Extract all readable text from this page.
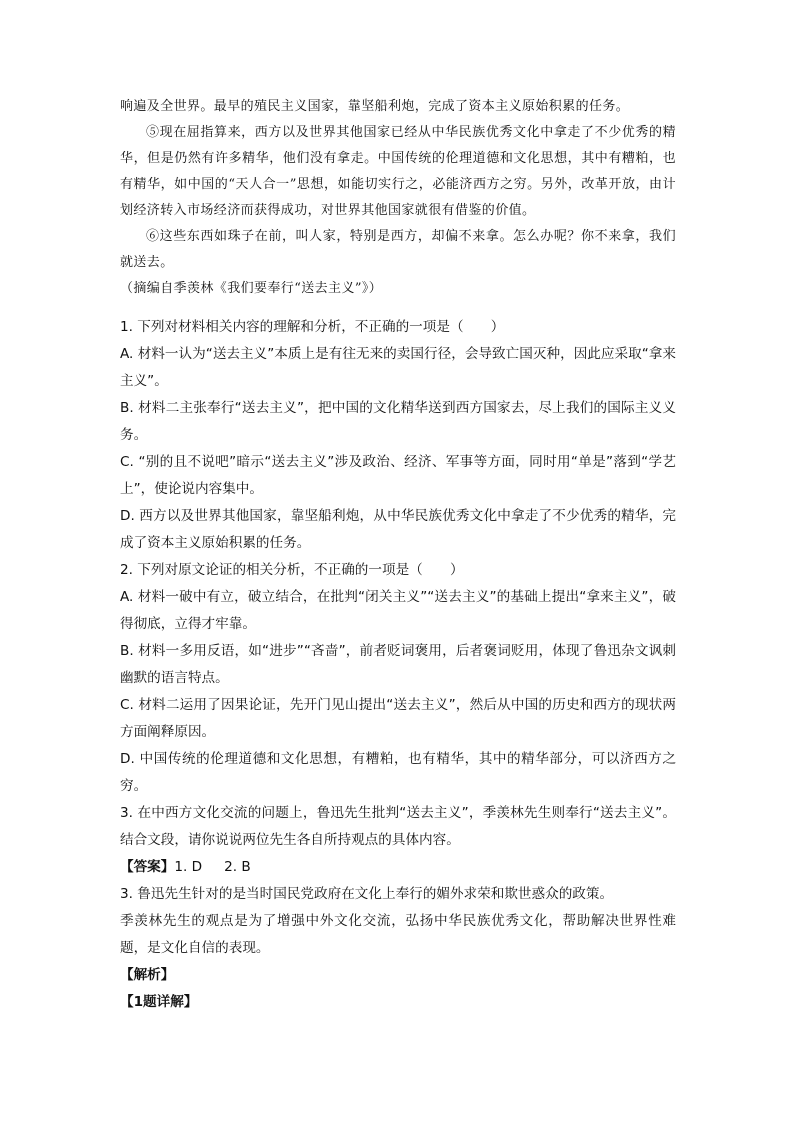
响遍及全世界。最早的殖民主义国家，靠坚船利炮，完成了资本主义原始积累的任务。

⑤现在屈指算来，西方以及世界其他国家已经从中华民族优秀文化中拿走了不少优秀的精华，但是仍然有许多精华，他们没有拿走。中国传统的伦理道德和文化思想，其中有糟粕，也有精华，如中国的“天人合一”思想，如能切实行之，必能济西方之穷。另外，改革开放，由计划经济转入市场经济而获得成功，对世界其他国家就很有借鉴的价值。

⑥这些东西如珠子在前，叫人家，特别是西方，却偏不来拿。怎么办呢？你不来拿，我们就送去。

（摘编自季羡林《我们要奉行“送去主义”》）

1. 下列对材料相关内容的理解和分析，不正确的一项是（　　）

A. 材料一认为“送去主义”本质上是有往无来的卖国行径，会导致亡国灭种，因此应采取“拿来主义”。

B. 材料二主张奉行“送去主义”，把中国的文化精华送到西方国家去，尽上我们的国际主义义务。

C. “别的且不说吧”暗示“送去主义”涉及政治、经济、军事等方面，同时用“单是”落到“学艺上”，使论说内容集中。

D. 西方以及世界其他国家，靠坚船利炮，从中华民族优秀文化中拿走了不少优秀的精华，完成了资本主义原始积累的任务。

2. 下列对原文论证的相关分析，不正确的一项是（　　）

A. 材料一破中有立，破立结合，在批判“闭关主义”“送去主义”的基础上提出“拿来主义”，破得彻底，立得才牢靠。

B. 材料一多用反语，如“进步”“吝啬”，前者贬词褒用，后者褒词贬用，体现了鲁迅杂文讽刺幽默的语言特点。

C. 材料二运用了因果论证，先开门见山提出“送去主义”，然后从中国的历史和西方的现状两方面阐释原因。

D. 中国传统的伦理道德和文化思想，有糟粕，也有精华，其中的精华部分，可以济西方之穷。

3. 在中西方文化交流的问题上，鲁迅先生批判“送去主义”，季羡林先生则奉行“送去主义”。结合文段，请你说说两位先生各自所持观点的具体内容。

【答案】1. D 2. B

3. 鲁迅先生针对的是当时国民党政府在文化上奉行的媚外求荣和欺世惑众的政策。

季羡林先生的观点是为了增强中外文化交流，弘扬中华民族优秀文化，帮助解决世界性难题，是文化自信的表现。

【解析】

【1题详解】
